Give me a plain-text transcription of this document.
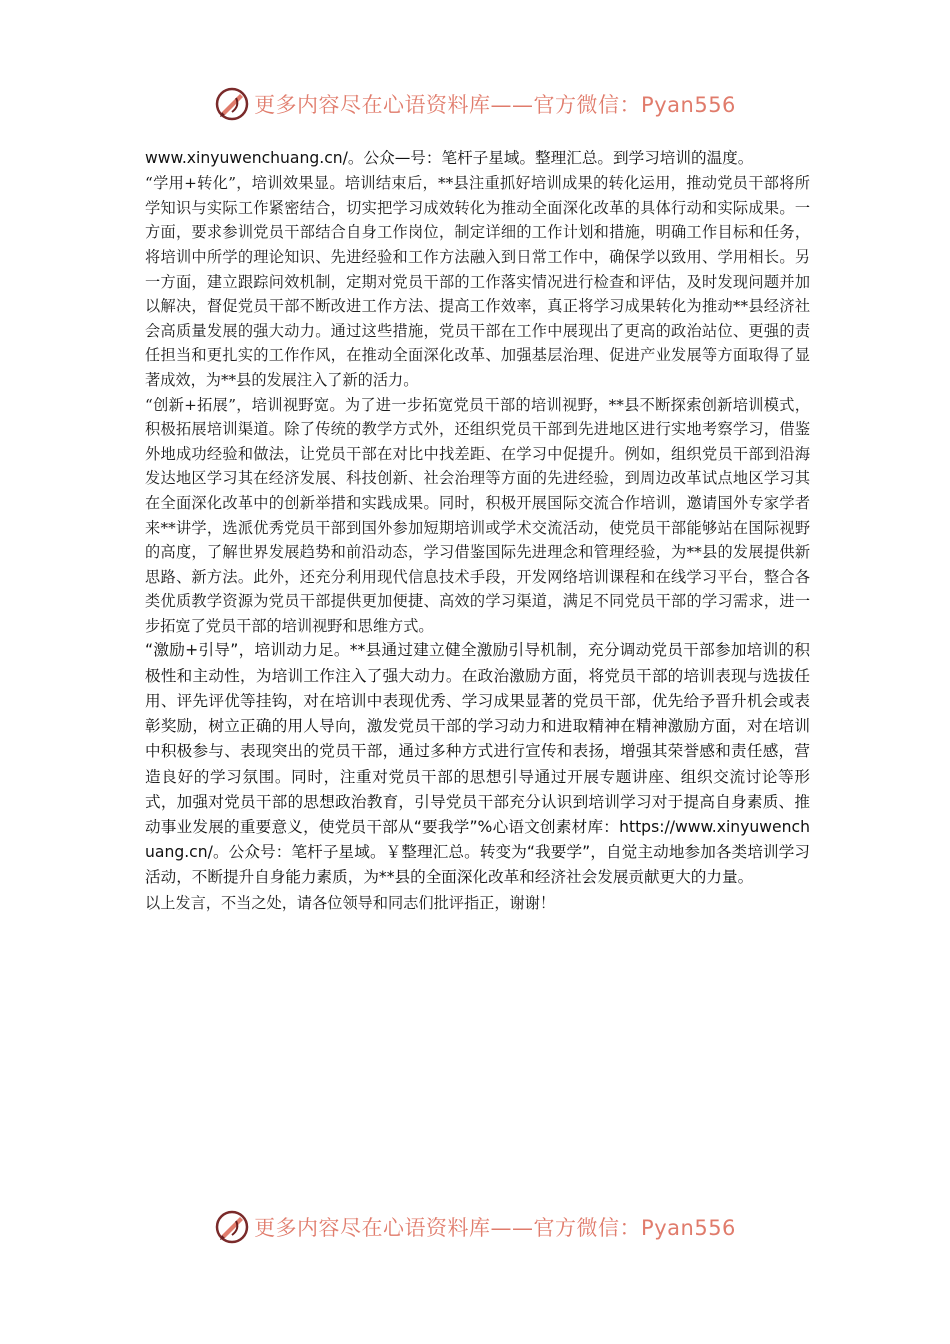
更多内容尽在心语资料库——官方微信：Pyan556

www.xinyuwenchuang.cn/。公众—号：笔杆子星域。整理汇总。到学习培训的温度。

“学用+转化”，培训效果显。培训结束后，**县注重抓好培训成果的转化运用，推动党员干部将所学知识与实际工作紧密结合，切实把学习成效转化为推动全面深化改革的具体行动和实际成果。一方面，要求参训党员干部结合自身工作岗位，制定详细的工作计划和措施，明确工作目标和任务，将培训中所学的理论知识、先进经验和工作方法融入到日常工作中，确保学以致用、学用相长。另一方面，建立跟踪问效机制，定期对党员干部的工作落实情况进行检查和评估，及时发现问题并加以解决，督促党员干部不断改进工作方法、提高工作效率，真正将学习成果转化为推动**县经济社会高质量发展的强大动力。通过这些措施，党员干部在工作中展现出了更高的政治站位、更强的责任担当和更扎实的工作作风，在推动全面深化改革、加强基层治理、促进产业发展等方面取得了显著成效，为**县的发展注入了新的活力。

“创新+拓展”，培训视野宽。为了进一步拓宽党员干部的培训视野，**县不断探索创新培训模式，积极拓展培训渠道。除了传统的教学方式外，还组织党员干部到先进地区进行实地考察学习，借鉴外地成功经验和做法，让党员干部在对比中找差距、在学习中促提升。例如，组织党员干部到沿海发达地区学习其在经济发展、科技创新、社会治理等方面的先进经验，到周边改革试点地区学习其在全面深化改革中的创新举措和实践成果。同时，积极开展国际交流合作培训，邀请国外专家学者来**讲学，选派优秀党员干部到国外参加短期培训或学术交流活动，使党员干部能够站在国际视野的高度，了解世界发展趋势和前沿动态，学习借鉴国际先进理念和管理经验，为**县的发展提供新思路、新方法。此外，还充分利用现代信息技术手段，开发网络培训课程和在线学习平台，整合各类优质教学资源为党员干部提供更加便捷、高效的学习渠道，满足不同党员干部的学习需求，进一步拓宽了党员干部的培训视野和思维方式。

“激励+引导”，培训动力足。**县通过建立健全激励引导机制，充分调动党员干部参加培训的积极性和主动性，为培训工作注入了强大动力。在政治激励方面，将党员干部的培训表现与选拔任用、评先评优等挂钩，对在培训中表现优秀、学习成果显著的党员干部，优先给予晋升机会或表彰奖励，树立正确的用人导向，激发党员干部的学习动力和进取精神在精神激励方面，对在培训中积极参与、表现突出的党员干部，通过多种方式进行宣传和表扬，增强其荣誉感和责任感，营造良好的学习氛围。同时，注重对党员干部的思想引导通过开展专题讲座、组织交流讨论等形式，加强对党员干部的思想政治教育，引导党员干部充分认识到培训学习对于提高自身素质、推动事业发展的重要意义，使党员干部从“要我学”%心语文创素材库：https://www.xinyuwenchuang.cn/。公众号：笔杆子星域。￥整理汇总。转变为“我要学”，自觉主动地参加各类培训学习活动，不断提升自身能力素质，为**县的全面深化改革和经济社会发展贡献更大的力量。

以上发言，不当之处，请各位领导和同志们批评指正，谢谢！

更多内容尽在心语资料库——官方微信：Pyan556
